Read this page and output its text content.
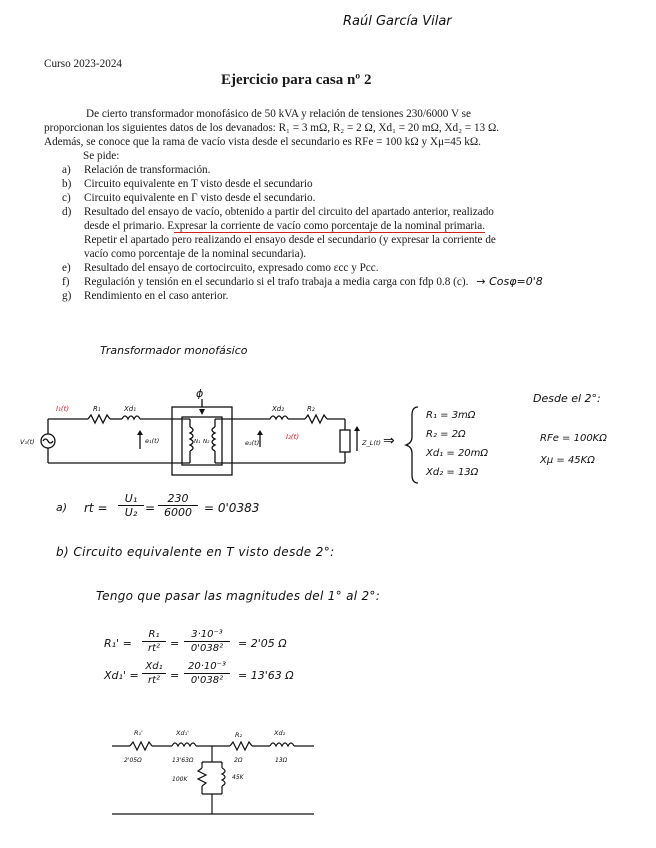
Raúl García Vilar
Curso 2023-2024
Ejercicio para casa nº 2
De cierto transformador monofásico de 50 kVA y relación de tensiones 230/6000 V se
proporcionan los siguientes datos de los devanados: R₁ = 3 mΩ, R₂ = 2 Ω, Xd₁ = 20 mΩ, Xd₂ = 13 Ω.
Además, se conoce que la rama de vacío vista desde el secundario es RFe = 100 kΩ y Xμ=45 kΩ.
Se pide:
a) Relación de transformación.
b) Circuito equivalente en T visto desde el secundario
c) Circuito equivalente en Γ visto desde el secundario.
d) Resultado del ensayo de vacío, obtenido a partir del circuito del apartado anterior, realizado
desde el primario. Expresar la corriente de vacío como porcentaje de la nominal primaria.
Repetir el apartado pero realizando el ensayo desde el secundario (y expresar la corriente de
vacío como porcentaje de la nominal secundaria).
e) Resultado del ensayo de cortocircuito, expresado como εcc y Pcc.
f) Regulación y tensión en el secundario si el trafo trabaja a media carga con fdp 0.8 (c). → Cosφ=0'8
g) Rendimiento en el caso anterior.
Transformador monofásico
ϕ
I₁(t)	R₁	Xd₁
V₁(t)	e₁(t)	N₁ N₂	e₂(t)
Xd₂	R₂
I₂(t)
Z_L(t) ⇒
R₁ = 3mΩ
R₂ = 2Ω
Xd₁ = 20mΩ
Xd₂ = 13Ω
Desde el 2°:
RFe = 100KΩ
Xμ = 45KΩ
a) rt =
U₁
U₂ =
230
6000	= 0'0383
b) Circuito equivalente en T visto desde 2°:
Tengo que pasar las magnitudes del 1° al 2°:
R₁' =
R₁
rt² =
3·10⁻³
0'038²	= 2'05 Ω
Xd₁' =
Xd₁
rt² =
20·10⁻³
0'038²	= 13'63 Ω
R₁'	Xd₁'	R₂	Xd₂
2'05Ω	13'63Ω	2Ω	13Ω
100K	45K
